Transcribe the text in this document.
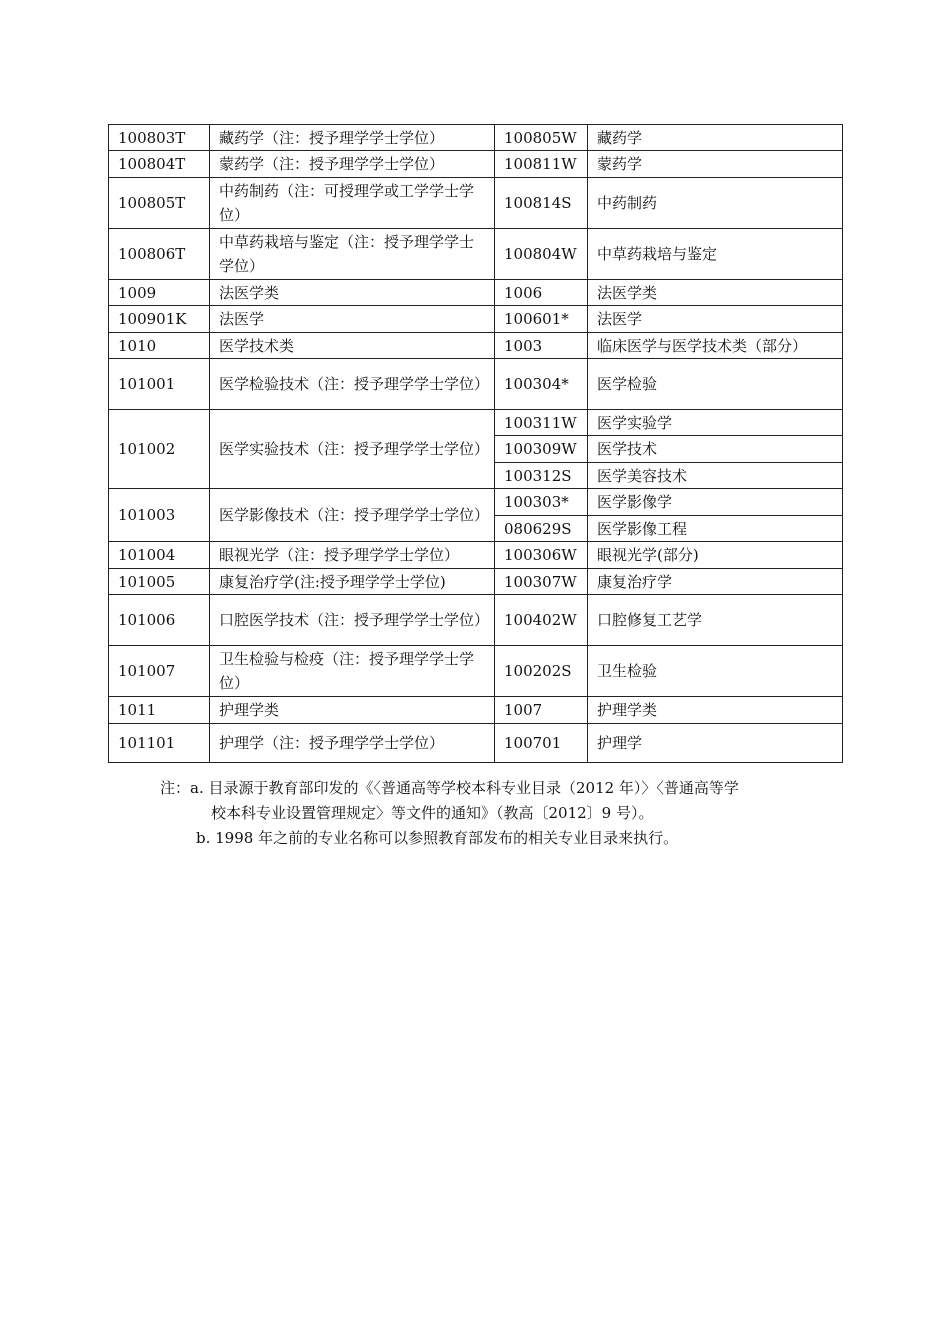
100803T	藏药学（注：授予理学学士学位）	100805W	藏药学
100804T	蒙药学（注：授予理学学士学位）	100811W	蒙药学
100805T	中药制药（注：可授理学或工学学士学位）	100814S	中药制药
100806T	中草药栽培与鉴定（注：授予理学学士学位）	100804W	中草药栽培与鉴定
1009	法医学类	1006	法医学类
100901K	法医学	100601*	法医学
1010	医学技术类	1003	临床医学与医学技术类（部分）
101001	医学检验技术（注：授予理学学士学位）	100304*	医学检验
101002	医学实验技术（注：授予理学学士学位）	100311W	医学实验学
		100309W	医学技术
		100312S	医学美容技术
101003	医学影像技术（注：授予理学学士学位）	100303*	医学影像学
		080629S	医学影像工程
101004	眼视光学（注：授予理学学士学位）	100306W	眼视光学(部分)
101005	康复治疗学(注:授予理学学士学位)	100307W	康复治疗学
101006	口腔医学技术（注：授予理学学士学位）	100402W	口腔修复工艺学
101007	卫生检验与检疫（注：授予理学学士学位）	100202S	卫生检验
1011	护理学类	1007	护理学类
101101	护理学（注：授予理学学士学位）	100701	护理学
注：a. 目录源于教育部印发的《〈普通高等学校本科专业目录（2012 年）〉〈普通高等学
校本科专业设置管理规定〉等文件的通知》（教高〔2012〕9 号）。
b. 1998 年之前的专业名称可以参照教育部发布的相关专业目录来执行。
